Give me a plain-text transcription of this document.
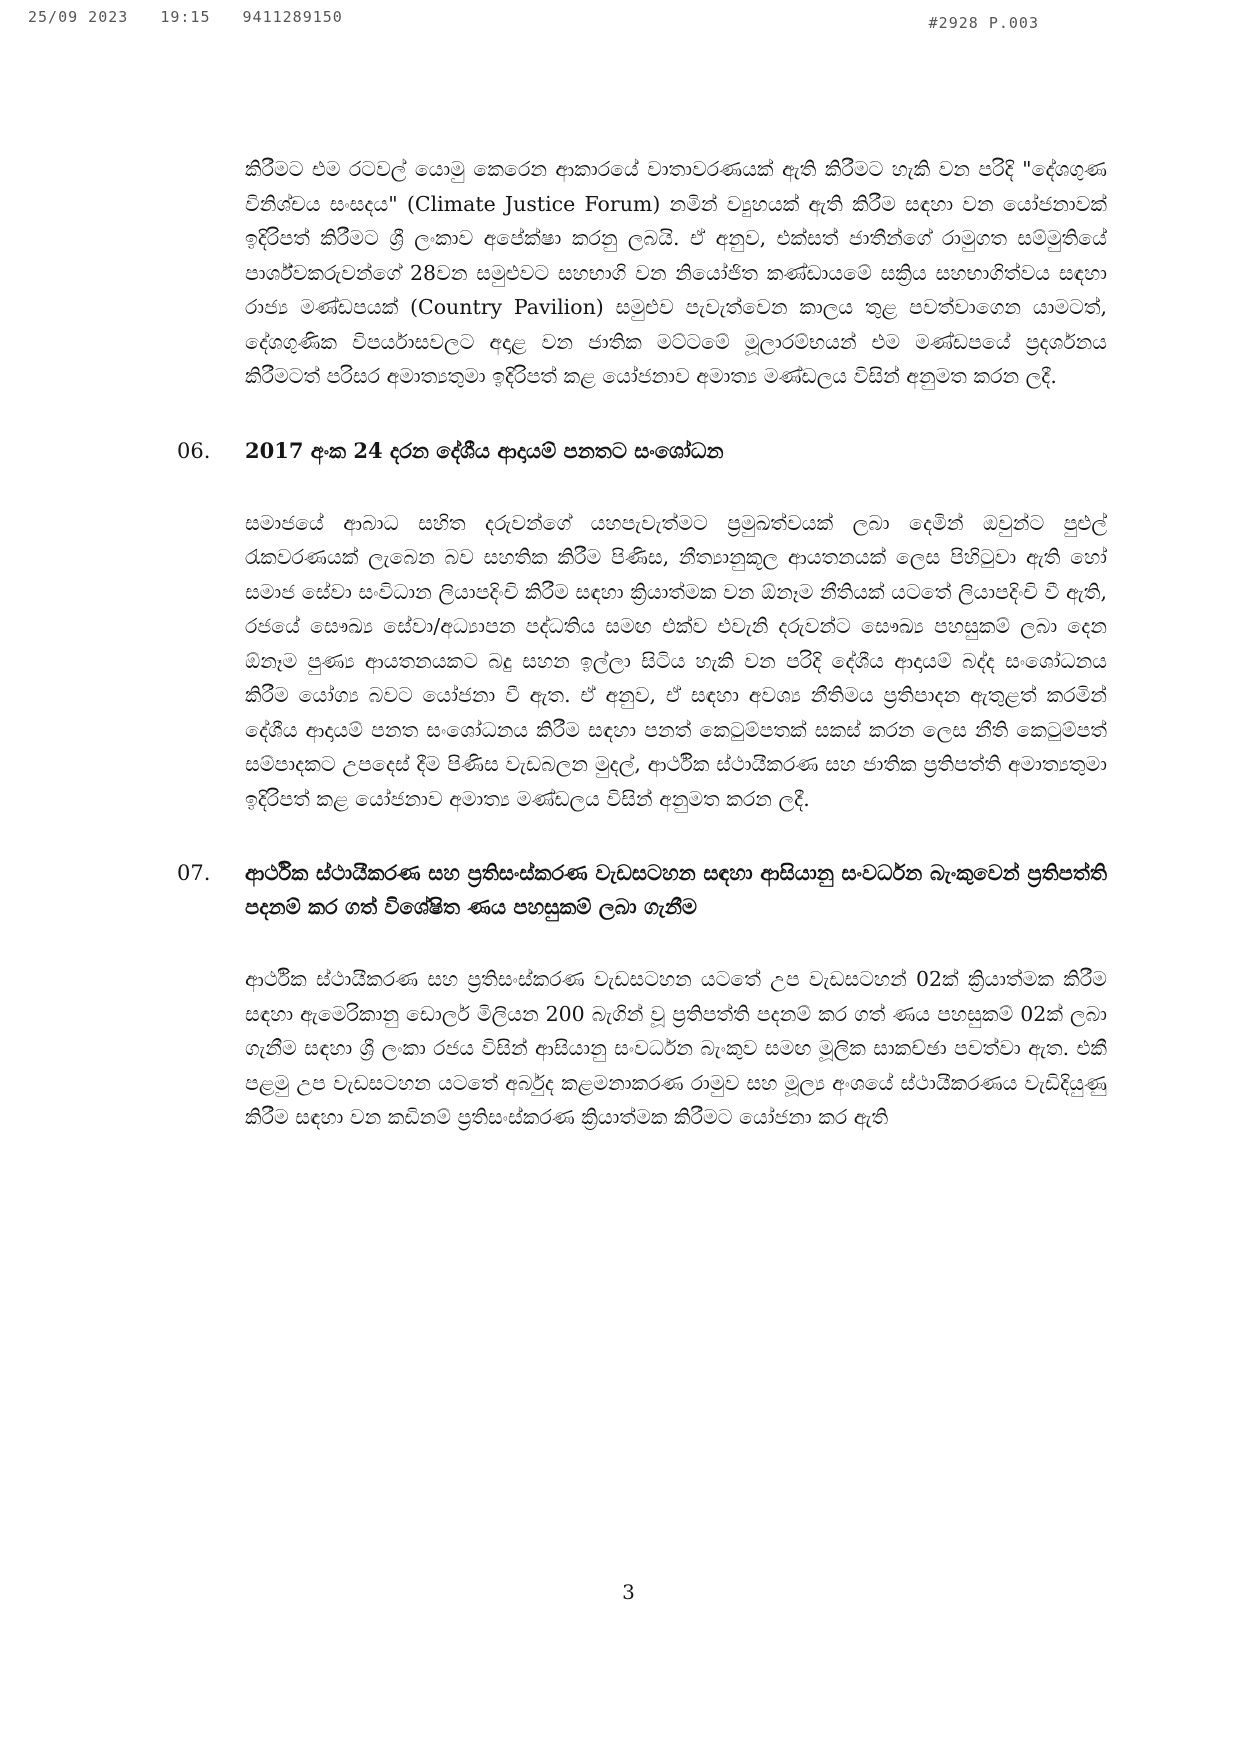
25/09 2023 19:15 9411289150	#2928 P.003

කිරීමට එම රටවල් යොමු කෙරෙන ආකාරයේ වාතාවරණයක් ඇති කිරීමට හැකි වන පරිදි "දේශගුණ විනිශ්චය සංසදය" (Climate Justice Forum) නමින් ව්‍යුහයක් ඇති කිරීම සඳහා වන යෝජනාවක් ඉදිරිපත් කිරීමට ශ්‍රී ලංකාව අපේක්ෂා කරනු ලබයි. ඒ අනුව, එක්සත් ජාතීන්ගේ රාමුගත සම්මුතියේ පාර්ශ්වකරුවන්ගේ 28වන සමුළුවට සහභාගි වන නියෝජිත කණ්ඩායමේ සක්‍රිය සහභාගිත්වය සඳහා රාජ්‍ය මණ්ඩපයක් (Country Pavilion) සමුළුව පැවැත්වෙන කාලය තුළ පවත්වාගෙන යාමටත්, දේශගුණික විපර්යාසවලට අදාළ වන ජාතික මට්ටමේ මූලාරම්භයන් එම මණ්ඩපයේ ප්‍රදර්ශනය කිරීමටත් පරිසර අමාත්‍යතුමා ඉදිරිපත් කළ යෝජනාව අමාත්‍ය මණ්ඩලය විසින් අනුමත කරන ලදී.

06. 2017 අංක 24 දරන දේශීය ආදායම් පනතට සංශෝධන

සමාජයේ ආබාධ සහිත දරුවන්ගේ යහපැවැත්මට ප්‍රමුඛත්වයක් ලබා දෙමින් ඔවුන්ට පුළුල් රැකවරණයක් ලැබෙන බව සහතික කිරීම පිණිස, නීත්‍යානුකූල ආයතනයක් ලෙස පිහිටුවා ඇති හෝ සමාජ සේවා සංවිධාන ලියාපදිංචි කිරීම සඳහා ක්‍රියාත්මක වන ඕනෑම නීතියක් යටතේ ලියාපදිංචි වී ඇති, රජයේ සෞඛ්‍ය සේවා/අධ්‍යාපන පද්ධතිය සමඟ එක්ව එවැනි දරුවන්ට සෞඛ්‍ය පහසුකම් ලබා දෙන ඕනෑම පුණ්‍ය ආයතනයකට බදු සහන ඉල්ලා සිටිය හැකි වන පරිදි දේශීය ආදායම් බද්ද සංශෝධනය කිරීම යෝග්‍ය බවට යෝජනා වී ඇත. ඒ අනුව, ඒ සඳහා අවශ්‍ය නීතිමය ප්‍රතිපාදන ඇතුළත් කරමින් දේශීය ආදායම් පනත සංශෝධනය කිරීම සඳහා පනත් කෙටුම්පතක් සකස් කරන ලෙස නීති කෙටුම්පත් සම්පාදකට උපදෙස් දීම පිණිස වැඩබලන මුදල්, ආර්ථික ස්ථායීකරණ සහ ජාතික ප්‍රතිපත්ති අමාත්‍යතුමා ඉදිරිපත් කළ යෝජනාව අමාත්‍ය මණ්ඩලය විසින් අනුමත කරන ලදී.

07. ආර්ථික ස්ථායීකරණ සහ ප්‍රතිසංස්කරණ වැඩසටහන සඳහා ආසියානු සංවර්ධන බැංකුවෙන් ප්‍රතිපත්ති පදනම් කර ගත් විශේෂිත ණය පහසුකම් ලබා ගැනීම

ආර්ථික ස්ථායීකරණ සහ ප්‍රතිසංස්කරණ වැඩසටහන යටතේ උප වැඩසටහන් 02ක් ක්‍රියාත්මක කිරීම සඳහා ඇමෙරිකානු ඩොලර් මිලියන 200 බැගින් වූ ප්‍රතිපත්ති පදනම් කර ගත් ණය පහසුකම් 02ක් ලබා ගැනීම සඳහා ශ්‍රී ලංකා රජය විසින් ආසියානු සංවර්ධන බැංකුව සමඟ මූලික සාකච්ඡා පවත්වා ඇත. එකී පළමු උප වැඩසටහන යටතේ අර්බුද කළමනාකරණ රාමුව සහ මූල්‍ය අංශයේ ස්ථායීකරණය වැඩිදියුණු කිරීම සඳහා වන කඩිනම් ප්‍රතිසංස්කරණ ක්‍රියාත්මක කිරීමට යෝජනා කර ඇති

3
